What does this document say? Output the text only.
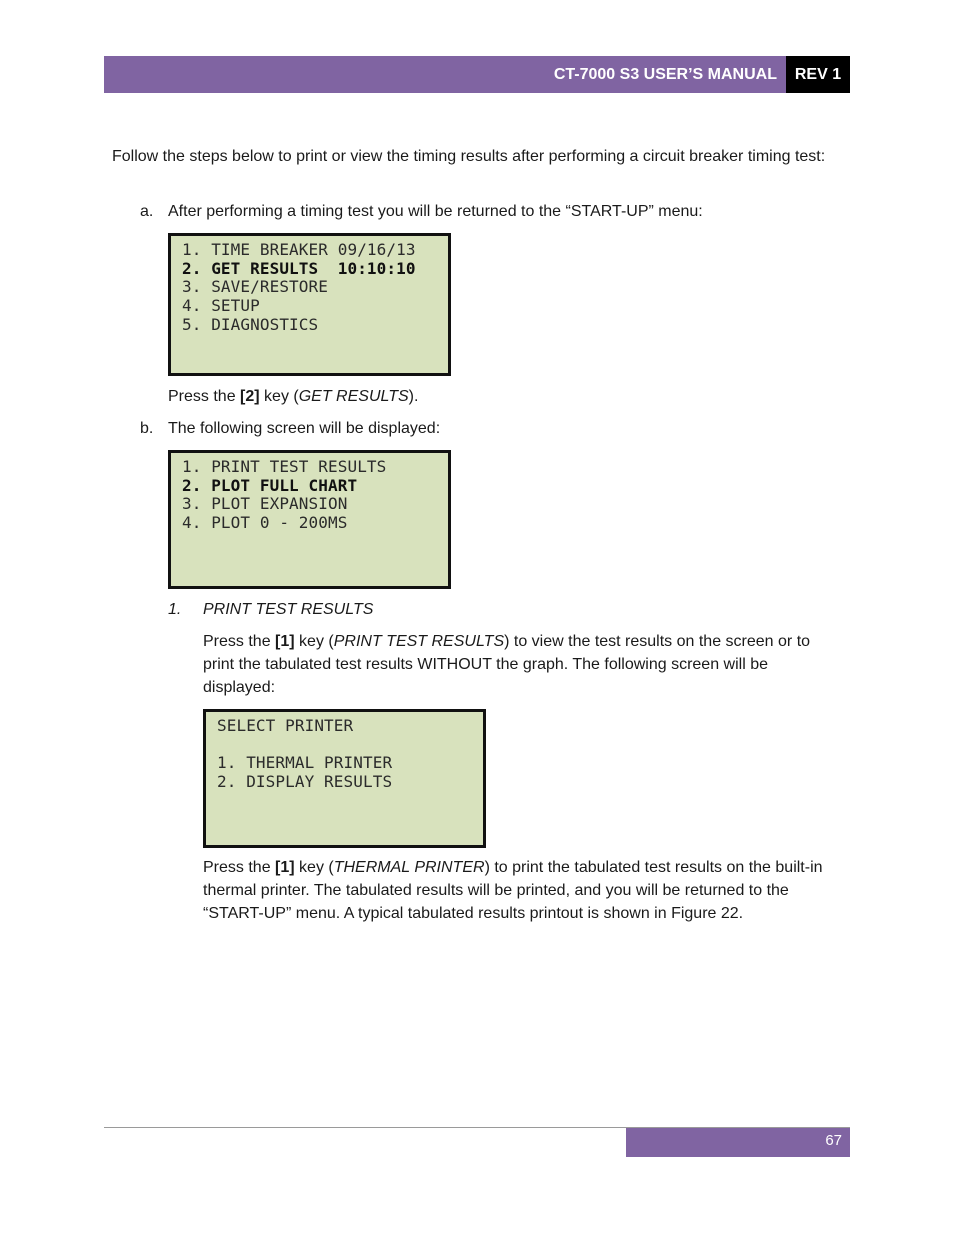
CT-7000 S3 USER’S MANUAL	REV 1
Follow the steps below to print or view the timing results after performing a circuit breaker timing test:
a. After performing a timing test you will be returned to the “START-UP” menu:
1. TIME BREAKER 09/16/13
2. GET RESULTS  10:10:10
3. SAVE/RESTORE
4. SETUP
5. DIAGNOSTICS
Press the [2] key (GET RESULTS).
b. The following screen will be displayed:
1. PRINT TEST RESULTS
2. PLOT FULL CHART
3. PLOT EXPANSION
4. PLOT 0 - 200MS
1. PRINT TEST RESULTS
Press the [1] key (PRINT TEST RESULTS) to view the test results on the screen or to print the tabulated test results WITHOUT the graph. The following screen will be displayed:
SELECT PRINTER
1. THERMAL PRINTER
2. DISPLAY RESULTS
Press the [1] key (THERMAL PRINTER) to print the tabulated test results on the built-in thermal printer. The tabulated results will be printed, and you will be returned to the “START-UP” menu. A typical tabulated results printout is shown in Figure 22.
67
